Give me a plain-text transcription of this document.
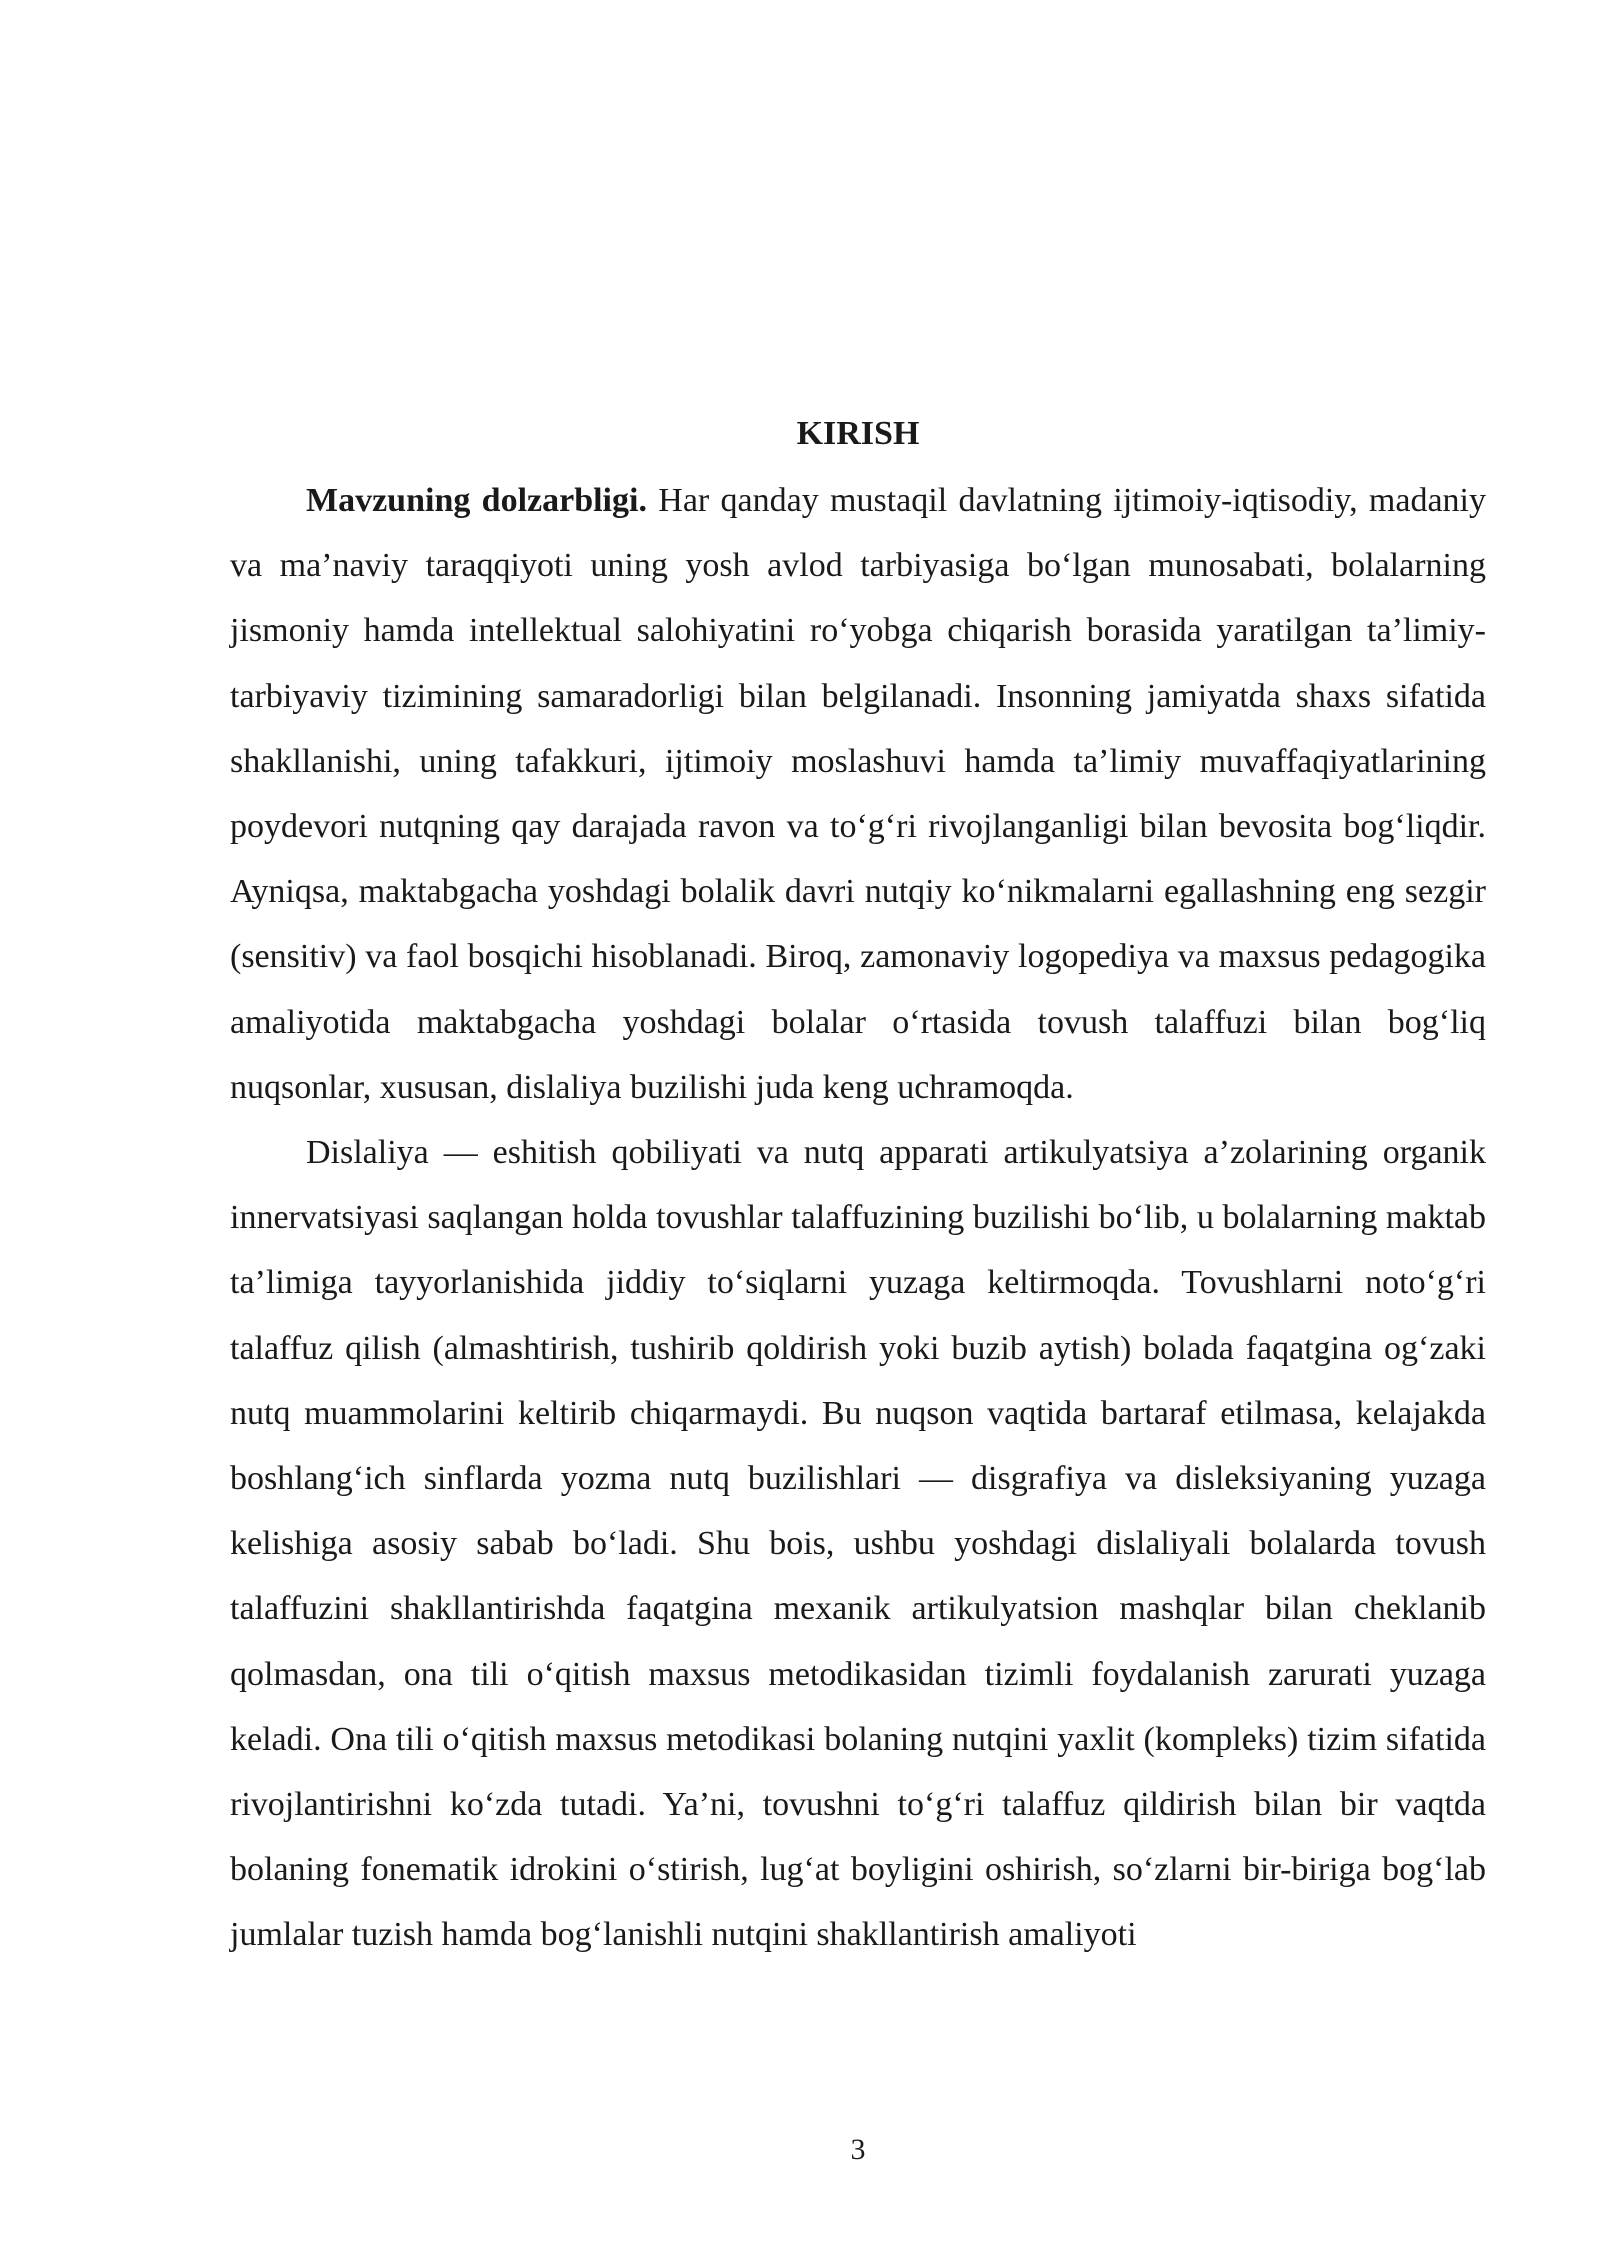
KIRISH

Mavzuning dolzarbligi. Har qanday mustaqil davlatning ijtimoiy-iqtisodiy, madaniy va ma’naviy taraqqiyoti uning yosh avlod tarbiyasiga bo‘lgan munosabati, bolalarning jismoniy hamda intellektual salohiyatini ro‘yobga chiqarish borasida yaratilgan ta’limiy-tarbiyaviy tizimining samaradorligi bilan belgilanadi. Insonning jamiyatda shaxs sifatida shakllanishi, uning tafakkuri, ijtimoiy moslashuvi hamda ta’limiy muvaffaqiyatlarining poydevori nutqning qay darajada ravon va to‘g‘ri rivojlanganligi bilan bevosita bog‘liqdir. Ayniqsa, maktabgacha yoshdagi bolalik davri nutqiy ko‘nikmalarni egallashning eng sezgir (sensitiv) va faol bosqichi hisoblanadi. Biroq, zamonaviy logopediya va maxsus pedagogika amaliyotida maktabgacha yoshdagi bolalar o‘rtasida tovush talaffuzi bilan bog‘liq nuqsonlar, xususan, dislaliya buzilishi juda keng uchramoqda.

Dislaliya — eshitish qobiliyati va nutq apparati artikulyatsiya a’zolarining organik innervatsiyasi saqlangan holda tovushlar talaffuzining buzilishi bo‘lib, u bolalarning maktab ta’limiga tayyorlanishida jiddiy to‘siqlarni yuzaga keltirmoqda. Tovushlarni noto‘g‘ri talaffuz qilish (almashtirish, tushirib qoldirish yoki buzib aytish) bolada faqatgina og‘zaki nutq muammolarini keltirib chiqarmaydi. Bu nuqson vaqtida bartaraf etilmasa, kelajakda boshlang‘ich sinflarda yozma nutq buzilishlari — disgrafiya va disleksiyaning yuzaga kelishiga asosiy sabab bo‘ladi. Shu bois, ushbu yoshdagi dislaliyali bolalarda tovush talaffuzini shakllantirishda faqatgina mexanik artikulyatsion mashqlar bilan cheklanib qolmasdan, ona tili o‘qitish maxsus metodikasidan tizimli foydalanish zarurati yuzaga keladi. Ona tili o‘qitish maxsus metodikasi bolaning nutqini yaxlit (kompleks) tizim sifatida rivojlantirishni ko‘zda tutadi. Ya’ni, tovushni to‘g‘ri talaffuz qildirish bilan bir vaqtda bolaning fonematik idrokini o‘stirish, lug‘at boyligini oshirish, so‘zlarni bir-biriga bog‘lab jumlalar tuzish hamda bog‘lanishli nutqini shakllantirish amaliyoti

3
